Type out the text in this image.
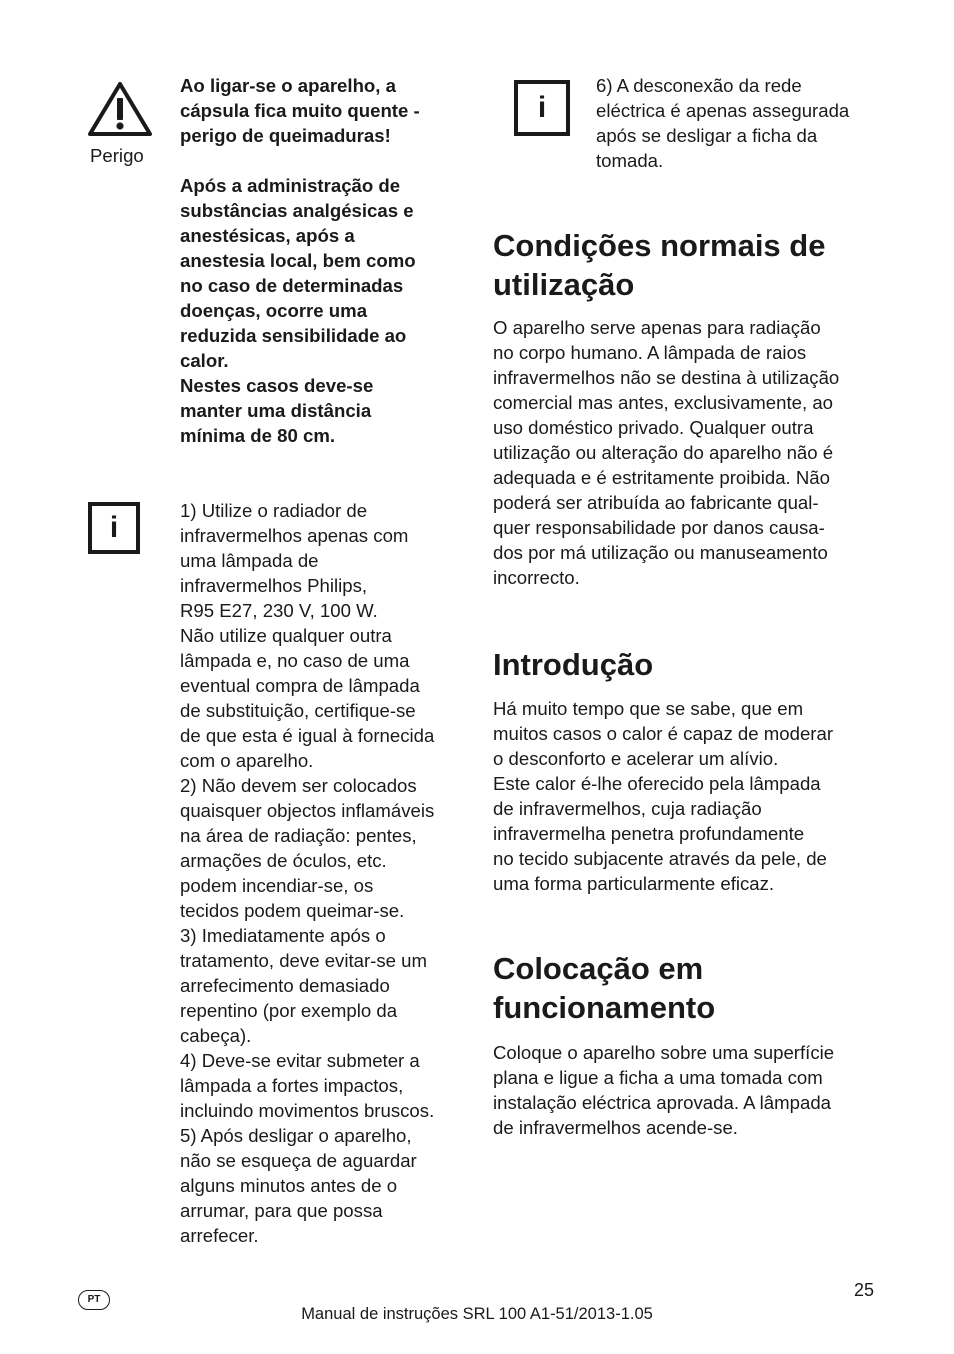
Perigo
Ao ligar-se o aparelho, a
cápsula fica muito quente -
perigo de queimaduras!
Após a administração de
substâncias analgésicas e
anestésicas, após a
anestesia local, bem como
no caso de determinadas
doenças, ocorre uma
reduzida sensibilidade ao
calor.
Nestes casos deve-se
manter uma distância
mínima de 80 cm.
i
1) Utilize o radiador de
infravermelhos apenas com
uma lâmpada de
infravermelhos Philips,
R95 E27, 230 V, 100 W.
Não utilize qualquer outra
lâmpada e, no caso de uma
eventual compra de lâmpada
de substituição, certifique-se
de que esta é igual à fornecida
com o aparelho.
2) Não devem ser colocados
quaisquer objectos inflamáveis
na área de radiação: pentes,
armações de óculos, etc.
podem incendiar-se, os
tecidos podem queimar-se.
3) Imediatamente após o
tratamento, deve evitar-se um
arrefecimento demasiado
repentino (por exemplo da
cabeça).
4) Deve-se evitar submeter a
lâmpada a fortes impactos,
incluindo movimentos bruscos.
5) Após desligar o aparelho,
não se esqueça de aguardar
alguns minutos antes de o
arrumar, para que possa
arrefecer.
i
6) A desconexão da rede
eléctrica é apenas assegurada
após se desligar a ficha da
tomada.
Condições normais de
utilização
O aparelho serve apenas para radiação
no corpo humano. A lâmpada de raios
infravermelhos não se destina à utilização
comercial mas antes, exclusivamente, ao
uso doméstico privado. Qualquer outra
utilização ou alteração do aparelho não é
adequada e é estritamente proibida. Não
poderá ser atribuída ao fabricante qual-
quer responsabilidade por danos causa-
dos por má utilização ou manuseamento
incorrecto.
Introdução
Há muito tempo que se sabe, que em
muitos casos o calor é capaz de moderar
o desconforto e acelerar um alívio.
Este calor é-lhe oferecido pela lâmpada
de infravermelhos, cuja radiação
infravermelha penetra profundamente
no tecido subjacente através da pele, de
uma forma particularmente eficaz.
Colocação em
funcionamento
Coloque o aparelho sobre uma superfície
plana e ligue a ficha a uma tomada com
instalação eléctrica aprovada. A lâmpada
de infravermelhos acende-se.
PT	25
Manual de instruções SRL 100 A1-51/2013-1.05
